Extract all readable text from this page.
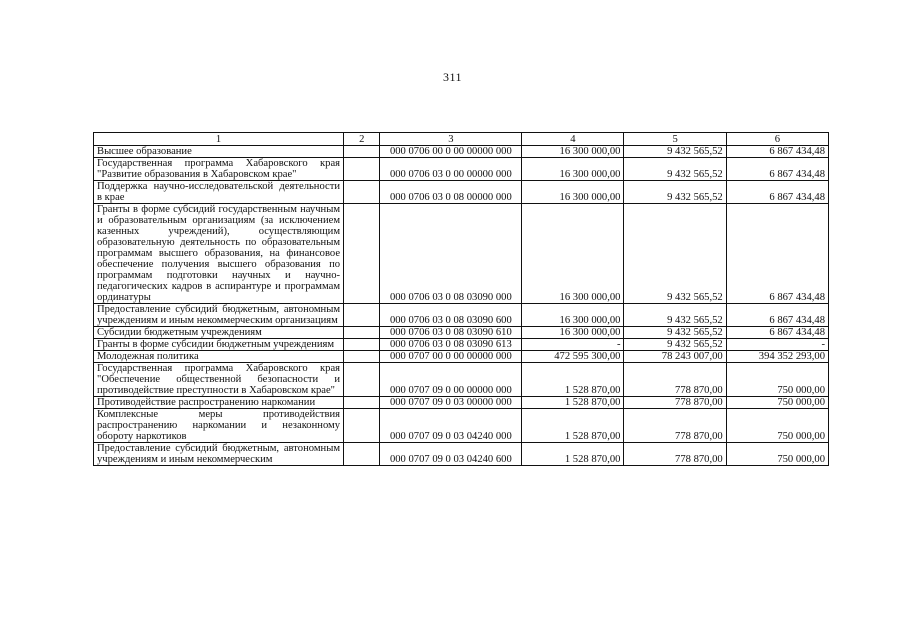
311
1	2	3	4	5	6
Высшее образование		000 0706 00 0 00 00000 000	16 300 000,00	9 432 565,52	6 867 434,48
Государственная программа Хабаровского края "Развитие образования в Хабаровском крае"		000 0706 03 0 00 00000 000	16 300 000,00	9 432 565,52	6 867 434,48
Поддержка научно-исследовательской деятельности в крае		000 0706 03 0 08 00000 000	16 300 000,00	9 432 565,52	6 867 434,48
Гранты в форме субсидий государственным научным и образовательным организациям (за исключением казенных учреждений), осуществляющим образовательную деятельность по образовательным программам высшего образования, на финансовое обеспечение получения высшего образования по программам подготовки научных и научно-педагогических кадров в аспирантуре и программам ординатуры		000 0706 03 0 08 03090 000	16 300 000,00	9 432 565,52	6 867 434,48
Предоставление субсидий бюджетным, автономным учреждениям и иным некоммерческим организациям		000 0706 03 0 08 03090 600	16 300 000,00	9 432 565,52	6 867 434,48
Субсидии бюджетным учреждениям		000 0706 03 0 08 03090 610	16 300 000,00	9 432 565,52	6 867 434,48
Гранты в форме субсидии бюджетным учреждениям		000 0706 03 0 08 03090 613	-	9 432 565,52	-
Молодежная политика		000 0707 00 0 00 00000 000	472 595 300,00	78 243 007,00	394 352 293,00
Государственная программа Хабаровского края "Обеспечение общественной безопасности и противодействие преступности в Хабаровском крае"		000 0707 09 0 00 00000 000	1 528 870,00	778 870,00	750 000,00
Противодействие распространению наркомании		000 0707 09 0 03 00000 000	1 528 870,00	778 870,00	750 000,00
Комплексные меры противодействия распространению наркомании и незаконному обороту наркотиков		000 0707 09 0 03 04240 000	1 528 870,00	778 870,00	750 000,00
Предоставление субсидий бюджетным, автономным учреждениям и иным некоммерческим		000 0707 09 0 03 04240 600	1 528 870,00	778 870,00	750 000,00
